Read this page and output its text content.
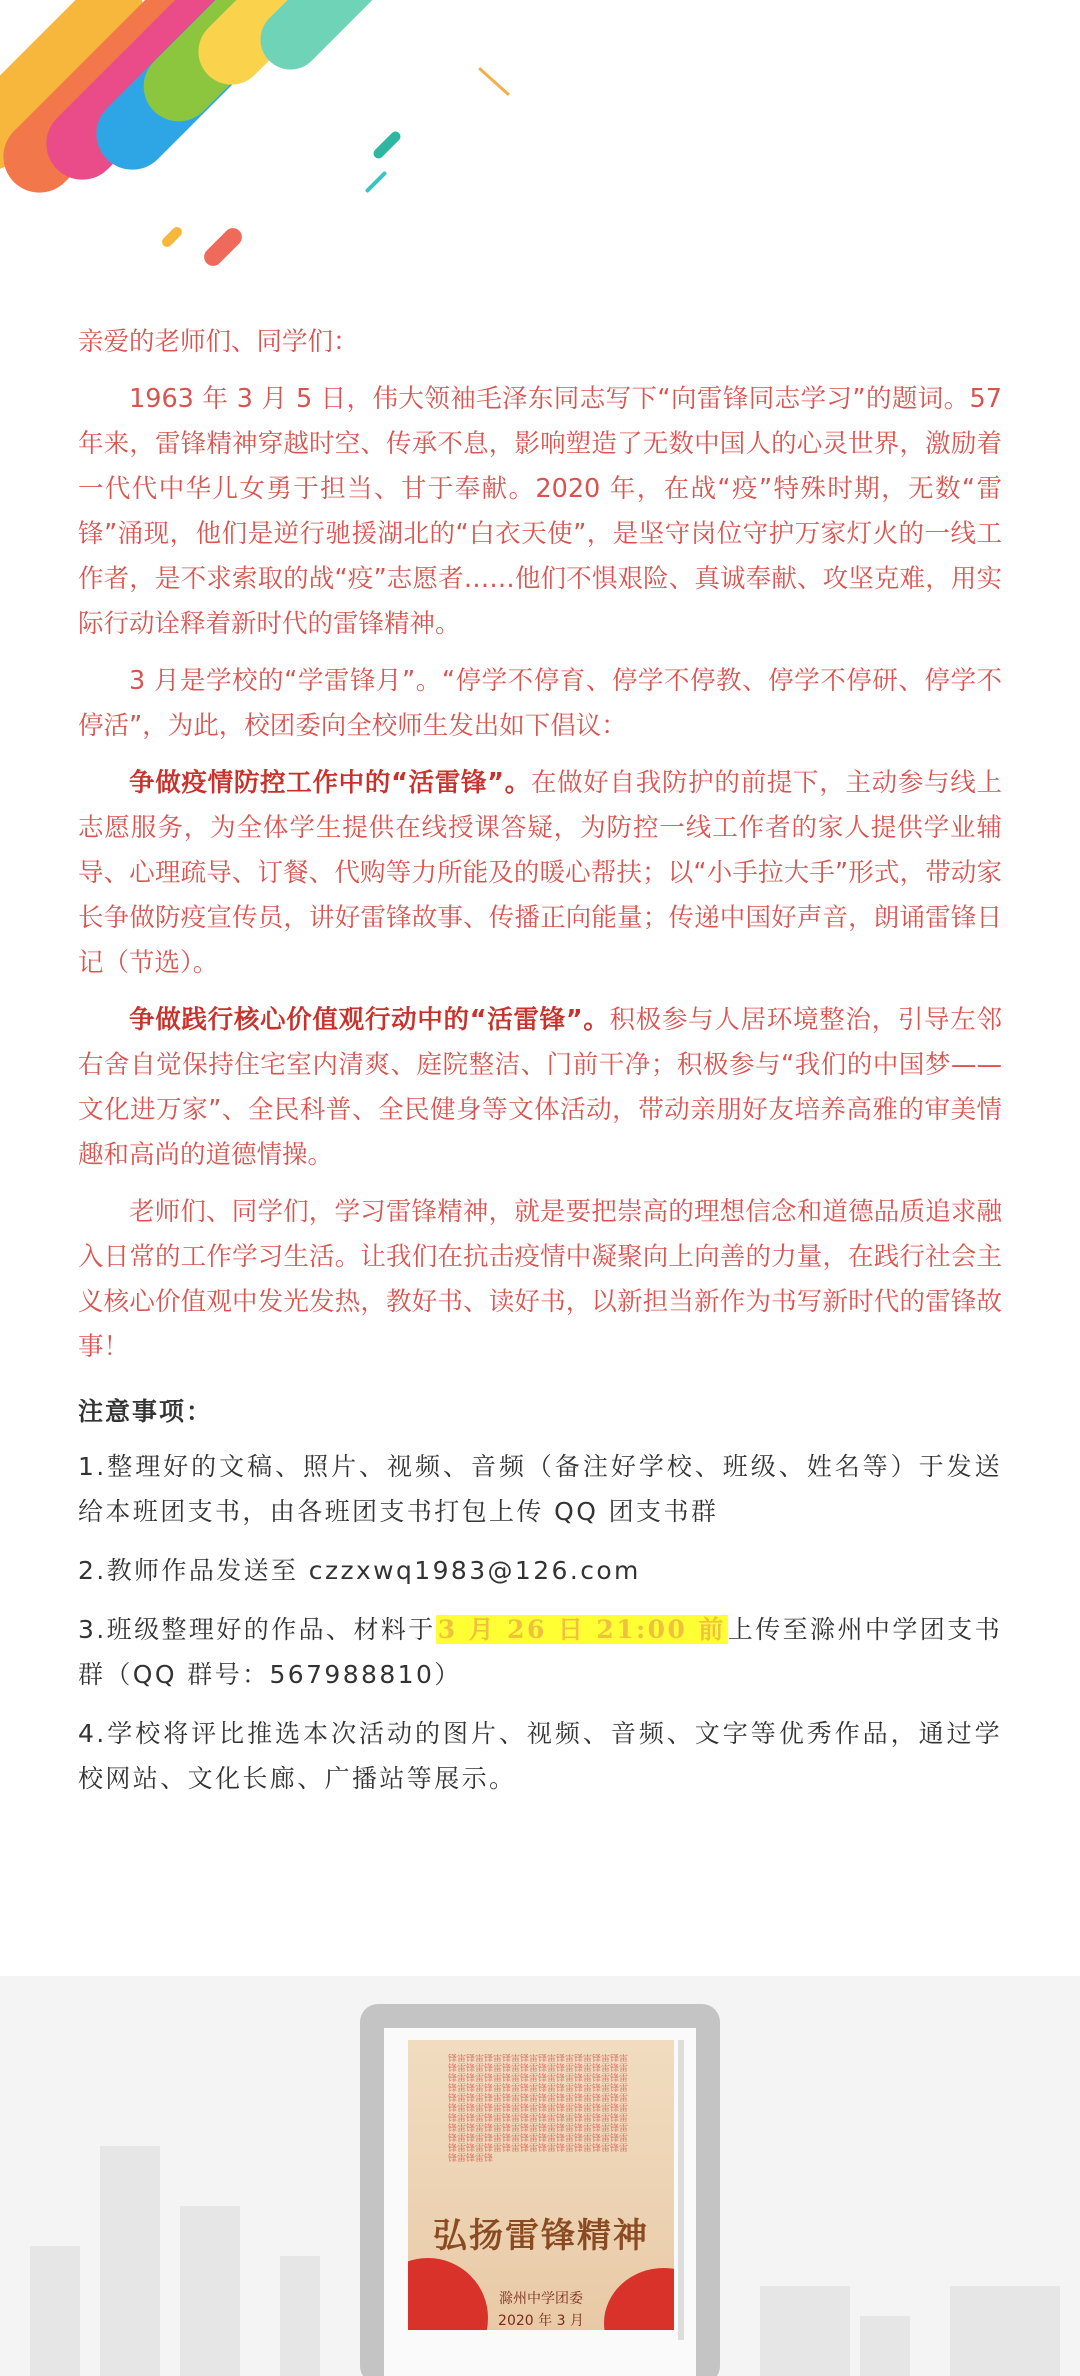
亲爱的老师们、同学们：

1963 年 3 月 5 日，伟大领袖毛泽东同志写下“向雷锋同志学习”的题词。57 年来，雷锋精神穿越时空、传承不息，影响塑造了无数中国人的心灵世界，激励着一代代中华儿女勇于担当、甘于奉献。2020 年，在战“疫”特殊时期，无数“雷锋”涌现，他们是逆行驰援湖北的“白衣天使”，是坚守岗位守护万家灯火的一线工作者，是不求索取的战“疫”志愿者……他们不惧艰险、真诚奉献、攻坚克难，用实际行动诠释着新时代的雷锋精神。

3 月是学校的“学雷锋月”。“停学不停育、停学不停教、停学不停研、停学不停活”，为此，校团委向全校师生发出如下倡议：

争做疫情防控工作中的“活雷锋”。在做好自我防护的前提下，主动参与线上志愿服务，为全体学生提供在线授课答疑，为防控一线工作者的家人提供学业辅导、心理疏导、订餐、代购等力所能及的暖心帮扶；以“小手拉大手”形式，带动家长争做防疫宣传员，讲好雷锋故事、传播正向能量；传递中国好声音，朗诵雷锋日记（节选）。

争做践行核心价值观行动中的“活雷锋”。积极参与人居环境整治，引导左邻右舍自觉保持住宅室内清爽、庭院整洁、门前干净；积极参与“我们的中国梦——文化进万家”、全民科普、全民健身等文体活动，带动亲朋好友培养高雅的审美情趣和高尚的道德情操。

老师们、同学们，学习雷锋精神，就是要把崇高的理想信念和道德品质追求融入日常的工作学习生活。让我们在抗击疫情中凝聚向上向善的力量，在践行社会主义核心价值观中发光发热，教好书、读好书，以新担当新作为书写新时代的雷锋故事！

注意事项：

1.整理好的文稿、照片、视频、音频（备注好学校、班级、姓名等）于发送给本班团支书，由各班团支书打包上传 QQ 团支书群

2.教师作品发送至 czzxwq1983@126.com

3.班级整理好的作品、材料于3 月 26 日 21:00 前上传至滁州中学团支书群（QQ 群号：567988810）

4.学校将评比推选本次活动的图片、视频、音频、文字等优秀作品，通过学校网站、文化长廊、广播站等展示。

锋雷锋雷锋雷锋雷锋雷锋雷锋雷锋雷锋雷锋雷锋雷锋雷锋雷锋雷锋雷锋雷锋雷锋雷锋雷锋雷锋雷锋雷锋雷锋雷锋雷锋雷锋雷锋雷锋雷锋雷锋雷锋雷锋雷锋雷锋雷锋雷锋雷锋雷锋雷锋雷锋雷锋雷锋雷锋雷锋雷锋雷锋雷锋雷锋雷锋雷锋雷锋雷锋雷锋雷锋雷锋雷锋雷锋雷锋雷锋雷锋雷锋雷锋雷锋雷锋雷锋雷锋雷锋雷锋雷锋雷锋雷锋雷锋雷锋雷锋雷锋雷锋雷锋雷锋雷锋雷锋雷锋雷锋雷锋雷锋雷锋雷锋雷锋雷锋雷锋雷锋雷锋雷锋雷锋雷锋雷锋雷锋雷锋雷锋雷锋雷锋雷锋雷锋
弘扬雷锋精神
滁州中学团委
2020 年 3 月
